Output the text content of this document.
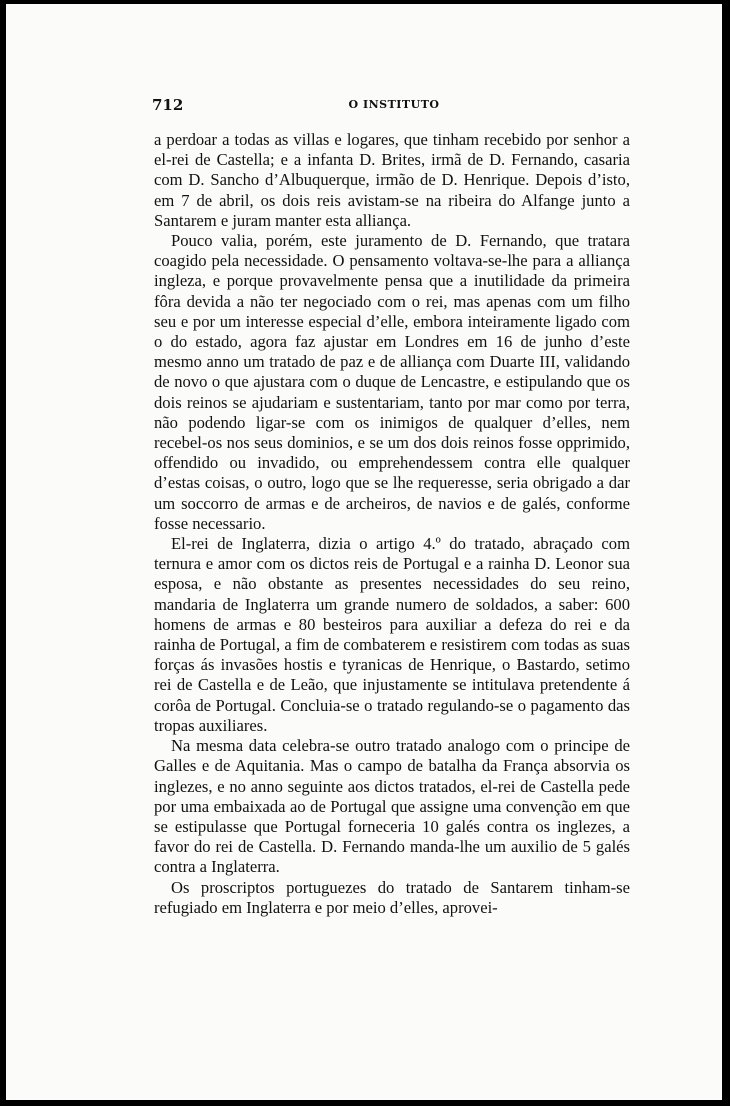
712	O INSTITUTO

a perdoar a todas as villas e logares, que tinham recebido por senhor a el-rei de Castella; e a infanta D. Brites, irmã de D. Fernando, casaria com D. Sancho d’Albuquerque, irmão de D. Henrique. Depois d’isto, em 7 de abril, os dois reis avistam-se na ribeira do Alfange junto a Santarem e juram manter esta alliança.

Pouco valia, porém, este juramento de D. Fernando, que tratara coagido pela necessidade. O pensamento voltava-se-lhe para a alliança ingleza, e porque provavelmente pensa que a inutilidade da primeira fôra devida a não ter negociado com o rei, mas apenas com um filho seu e por um interesse especial d’elle, embora inteiramente ligado com o do estado, agora faz ajustar em Londres em 16 de junho d’este mesmo anno um tratado de paz e de alliança com Duarte III, validando de novo o que ajustara com o duque de Lencastre, e estipulando que os dois reinos se ajudariam e sustentariam, tanto por mar como por terra, não podendo ligar-se com os inimigos de qualquer d’elles, nem recebel-os nos seus dominios, e se um dos dois reinos fosse opprimido, offendido ou invadido, ou emprehendessem contra elle qualquer d’estas coisas, o outro, logo que se lhe requeresse, seria obrigado a dar um soccorro de armas e de archeiros, de navios e de galés, conforme fosse necessario.

El-rei de Inglaterra, dizia o artigo 4.º do tratado, abraçado com ternura e amor com os dictos reis de Portugal e a rainha D. Leonor sua esposa, e não obstante as presentes necessidades do seu reino, mandaria de Inglaterra um grande numero de soldados, a saber: 600 homens de armas e 80 besteiros para auxiliar a defeza do rei e da rainha de Portugal, a fim de combaterem e resistirem com todas as suas forças ás invasões hostis e tyranicas de Henrique, o Bastardo, setimo rei de Castella e de Leão, que injustamente se intitulava pretendente á corôa de Portugal. Concluia-se o tratado regulando-se o pagamento das tropas auxiliares.

Na mesma data celebra-se outro tratado analogo com o principe de Galles e de Aquitania. Mas o campo de batalha da França absorvia os inglezes, e no anno seguinte aos dictos tratados, el-rei de Castella pede por uma embaixada ao de Portugal que assigne uma convenção em que se estipulasse que Portugal forneceria 10 galés contra os inglezes, a favor do rei de Castella. D. Fernando manda-lhe um auxilio de 5 galés contra a Inglaterra.

Os proscriptos portuguezes do tratado de Santarem tinham-se refugiado em Inglaterra e por meio d’elles, aprovei-
